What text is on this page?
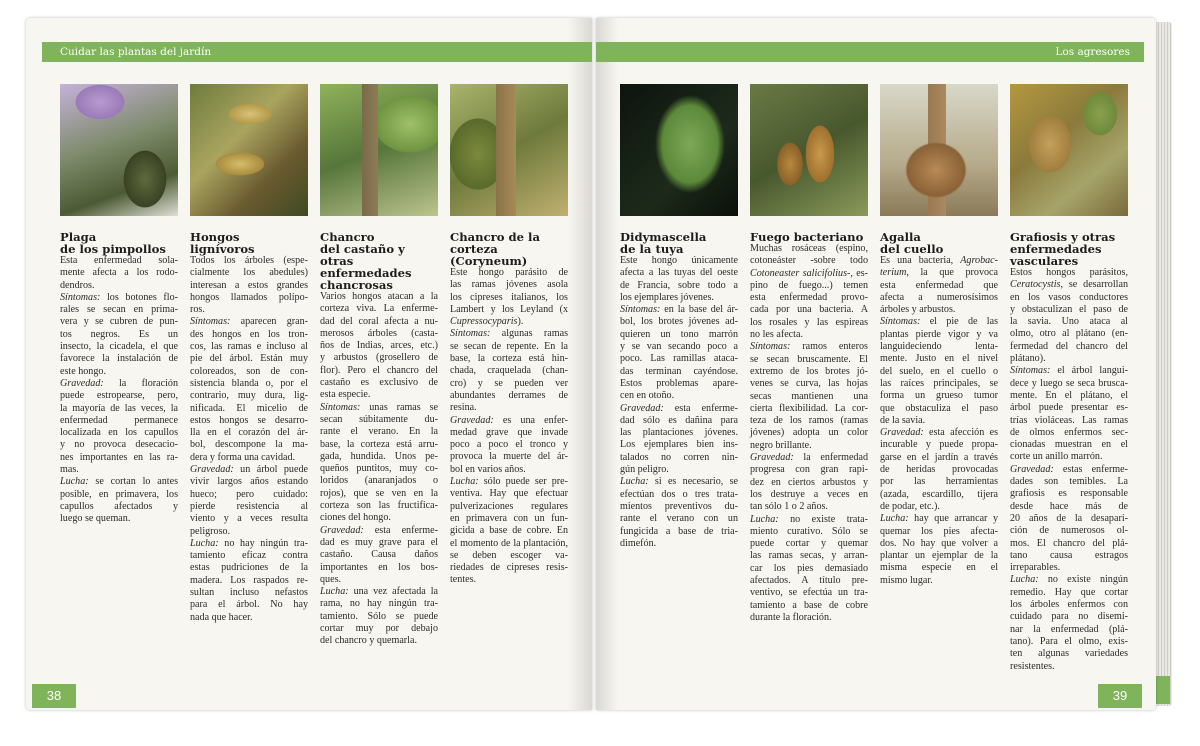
Cuidar las plantas del jardín
Plaga
de los pimpollos
Esta enfermedad sola-
mente afecta a los rodo-
dendros.
Síntomas: los botones flo-
rales se secan en prima-
vera y se cubren de pun-
tos negros. Es un
insecto, la cicadela, el que
favorece la instalación de
este hongo.
Gravedad: la floración
puede estropearse, pero,
la mayoría de las veces, la
enfermedad permanece
localizada en los capullos
y no provoca desecacio-
nes importantes en las ra-
mas.
Lucha: se cortan lo antes
posible, en primavera, los
capullos afectados y
luego se queman.
Hongos lignívoros
Todos los árboles (espe-
cialmente los abedules)
interesan a estos grandes
hongos llamados polípo-
ros.
Síntomas: aparecen gran-
des hongos en los tron-
cos, las ramas e incluso al
pie del árbol. Están muy
coloreados, son de con-
sistencia blanda o, por el
contrario, muy dura, lig-
nificada. El micelio de
estos hongos se desarro-
lla en el corazón del ár-
bol, descompone la ma-
dera y forma una cavidad.
Gravedad: un árbol puede
vivir largos años estando
hueco; pero cuidado:
pierde resistencia al
viento y a veces resulta
peligroso.
Lucha: no hay ningún tra-
tamiento eficaz contra
estas pudriciones de la
madera. Los raspados re-
sultan incluso nefastos
para el árbol. No hay
nada que hacer.
Chancro
del castaño y otras
enfermedades
chancrosas
Varios hongos atacan a la
corteza viva. La enferme-
dad del coral afecta a nu-
merosos árboles (casta-
ños de Indias, arces, etc.)
y arbustos (grosellero de
flor). Pero el chancro del
castaño es exclusivo de
esta especie.
Síntomas: unas ramas se
secan súbitamente du-
rante el verano. En la
base, la corteza está arru-
gada, hundida. Unos pe-
queños puntitos, muy co-
loridos (anaranjados o
rojos), que se ven en la
corteza son las fructifica-
ciones del hongo.
Gravedad: esta enferme-
dad es muy grave para el
castaño. Causa daños
importantes en los bos-
ques.
Lucha: una vez afectada la
rama, no hay ningún tra-
tamiento. Sólo se puede
cortar muy por debajo
del chancro y quemarla.
Chancro de la
corteza
(Coryneum)
Este hongo parásito de
las ramas jóvenes asola
los cipreses italianos, los
Lambert y los Leyland (x
Cupressocyparis).
Síntomas: algunas ramas
se secan de repente. En la
base, la corteza está hin-
chada, craquelada (chan-
cro) y se pueden ver
abundantes derrames de
resina.
Gravedad: es una enfer-
medad grave que invade
poco a poco el tronco y
provoca la muerte del ár-
bol en varios años.
Lucha: sólo puede ser pre-
ventiva. Hay que efectuar
pulverizaciones regulares
en primavera con un fun-
gicida a base de cobre. En
el momento de la plantación,
se deben escoger va-
riedades de cipreses resis-
tentes.
38
Los agresores
Didymascella
de la tuya
Este hongo únicamente
afecta a las tuyas del oeste
de Francia, sobre todo a
los ejemplares jóvenes.
Síntomas: en la base del ár-
bol, los brotes jóvenes ad-
quieren un tono marrón
y se van secando poco a
poco. Las ramillas ataca-
das terminan cayéndose.
Estos problemas apare-
cen en otoño.
Gravedad: esta enferme-
dad sólo es dañina para
las plantaciones jóvenes.
Los ejemplares bien ins-
talados no corren nin-
gún peligro.
Lucha: si es necesario, se
efectúan dos o tres trata-
mientos preventivos du-
rante el verano con un
fungicida a base de tria-
dimefón.
Fuego bacteriano
Muchas rosáceas (espino,
cotoneáster -sobre todo
Cotoneaster salicifolius-, es-
pino de fuego...) temen
esta enfermedad provo-
cada por una bacteria. A
los rosales y las espireas
no les afecta.
Síntomas: ramos enteros
se secan bruscamente. El
extremo de los brotes jó-
venes se curva, las hojas
secas mantienen una
cierta flexibilidad. La cor-
teza de los ramos (ramas
jóvenes) adopta un color
negro brillante.
Gravedad: la enfermedad
progresa con gran rapi-
dez en ciertos arbustos y
los destruye a veces en
tan sólo 1 o 2 años.
Lucha: no existe trata-
miento curativo. Sólo se
puede cortar y quemar
las ramas secas, y arran-
car los pies demasiado
afectados. A título pre-
ventivo, se efectúa un tra-
tamiento a base de cobre
durante la floración.
Agalla
del cuello
Es una bacteria, Agrobac-
terium, la que provoca
esta enfermedad que
afecta a numerosísimos
árboles y arbustos.
Síntomas: el pie de las
plantas pierde vigor y va
languideciendo lenta-
mente. Justo en el nivel
del suelo, en el cuello o
las raíces principales, se
forma un grueso tumor
que obstaculiza el paso
de la savia.
Gravedad: esta afección es
incurable y puede propa-
garse en el jardín a través
de heridas provocadas
por las herramientas
(azada, escardillo, tijera
de podar, etc.).
Lucha: hay que arrancar y
quemar los pies afecta-
dos. No hay que volver a
plantar un ejemplar de la
misma especie en el
mismo lugar.
Grafiosis y otras
enfermedades
vasculares
Estos hongos parásitos,
Ceratocystis, se desarrollan
en los vasos conductores
y obstaculizan el paso de
la savia. Uno ataca al
olmo, otro al plátano (en-
fermedad del chancro del
plátano).
Síntomas: el árbol langui-
dece y luego se seca brusca-
mente. En el plátano, el
árbol puede presentar es-
trías violáceas. Las ramas
de olmos enfermos sec-
cionadas muestran en el
corte un anillo marrón.
Gravedad: estas enferme-
dades son temibles. La
grafiosis es responsable
desde hace más de
20 años de la desapari-
ción de numerosos ol-
mos. El chancro del plá-
tano causa estragos
irreparables.
Lucha: no existe ningún
remedio. Hay que cortar
los árboles enfermos con
cuidado para no disemi-
nar la enfermedad (plá-
tano). Para el olmo, exis-
ten algunas variedades
resistentes.
39
